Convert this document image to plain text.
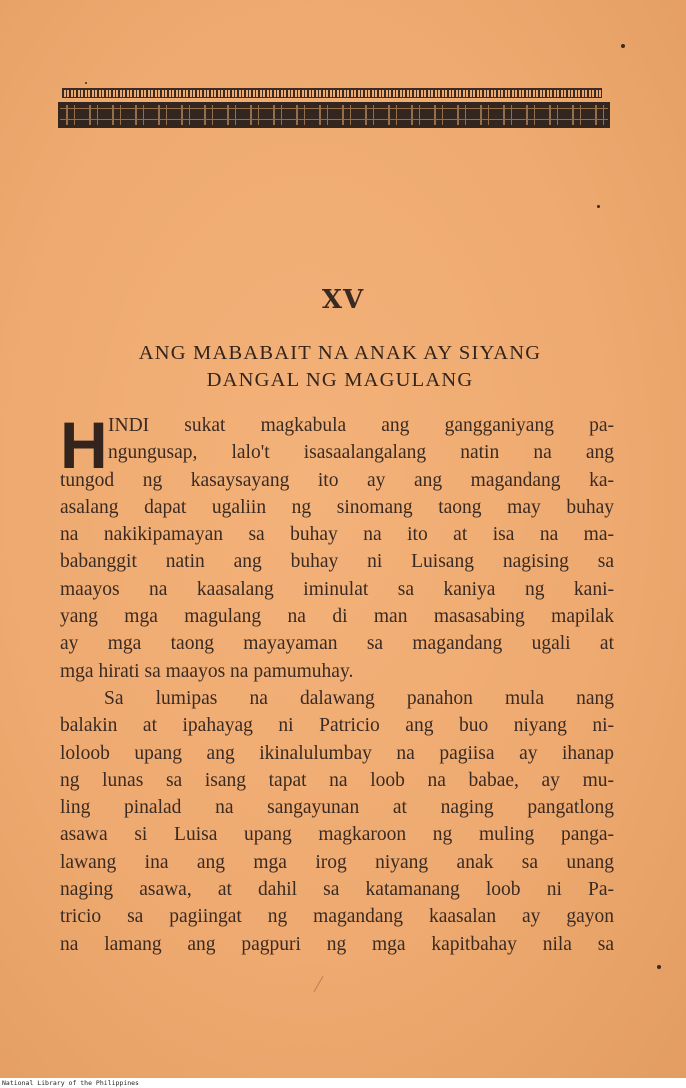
XV
ANG MABABAIT NA ANAK AY SIYANG
DANGAL NG MAGULANG
H INDI sukat magkabula ang gangganiyang pa-
ngungusap, lalo't isasaalangalang natin na ang
tungod ng kasaysayang ito ay ang magandang ka-
asalang dapat ugaliin ng sinomang taong may buhay
na nakikipamayan sa buhay na ito at isa na ma-
babanggit natin ang buhay ni Luisang nagising sa
maayos na kaasalang iminulat sa kaniya ng kani-
yang mga magulang na di man masasabing mapilak
ay mga taong mayayaman sa magandang ugali at
mga hirati sa maayos na pamumuhay.

Sa lumipas na dalawang panahon mula nang
balakin at ipahayag ni Patricio ang buo niyang ni-
loloob upang ang ikinalulumbay na pagiisa ay ihanap
ng lunas sa isang tapat na loob na babae, ay mu-
ling pinalad na sangayunan at naging pangatlong
asawa si Luisa upang magkaroon ng muling panga-
lawang ina ang mga irog niyang anak sa unang
naging asawa, at dahil sa katamanang loob ni Pa-
tricio sa pagiingat ng magandang kaasalan ay gayon
na lamang ang pagpuri ng mga kapitbahay nila sa

National Library of the Philippines
